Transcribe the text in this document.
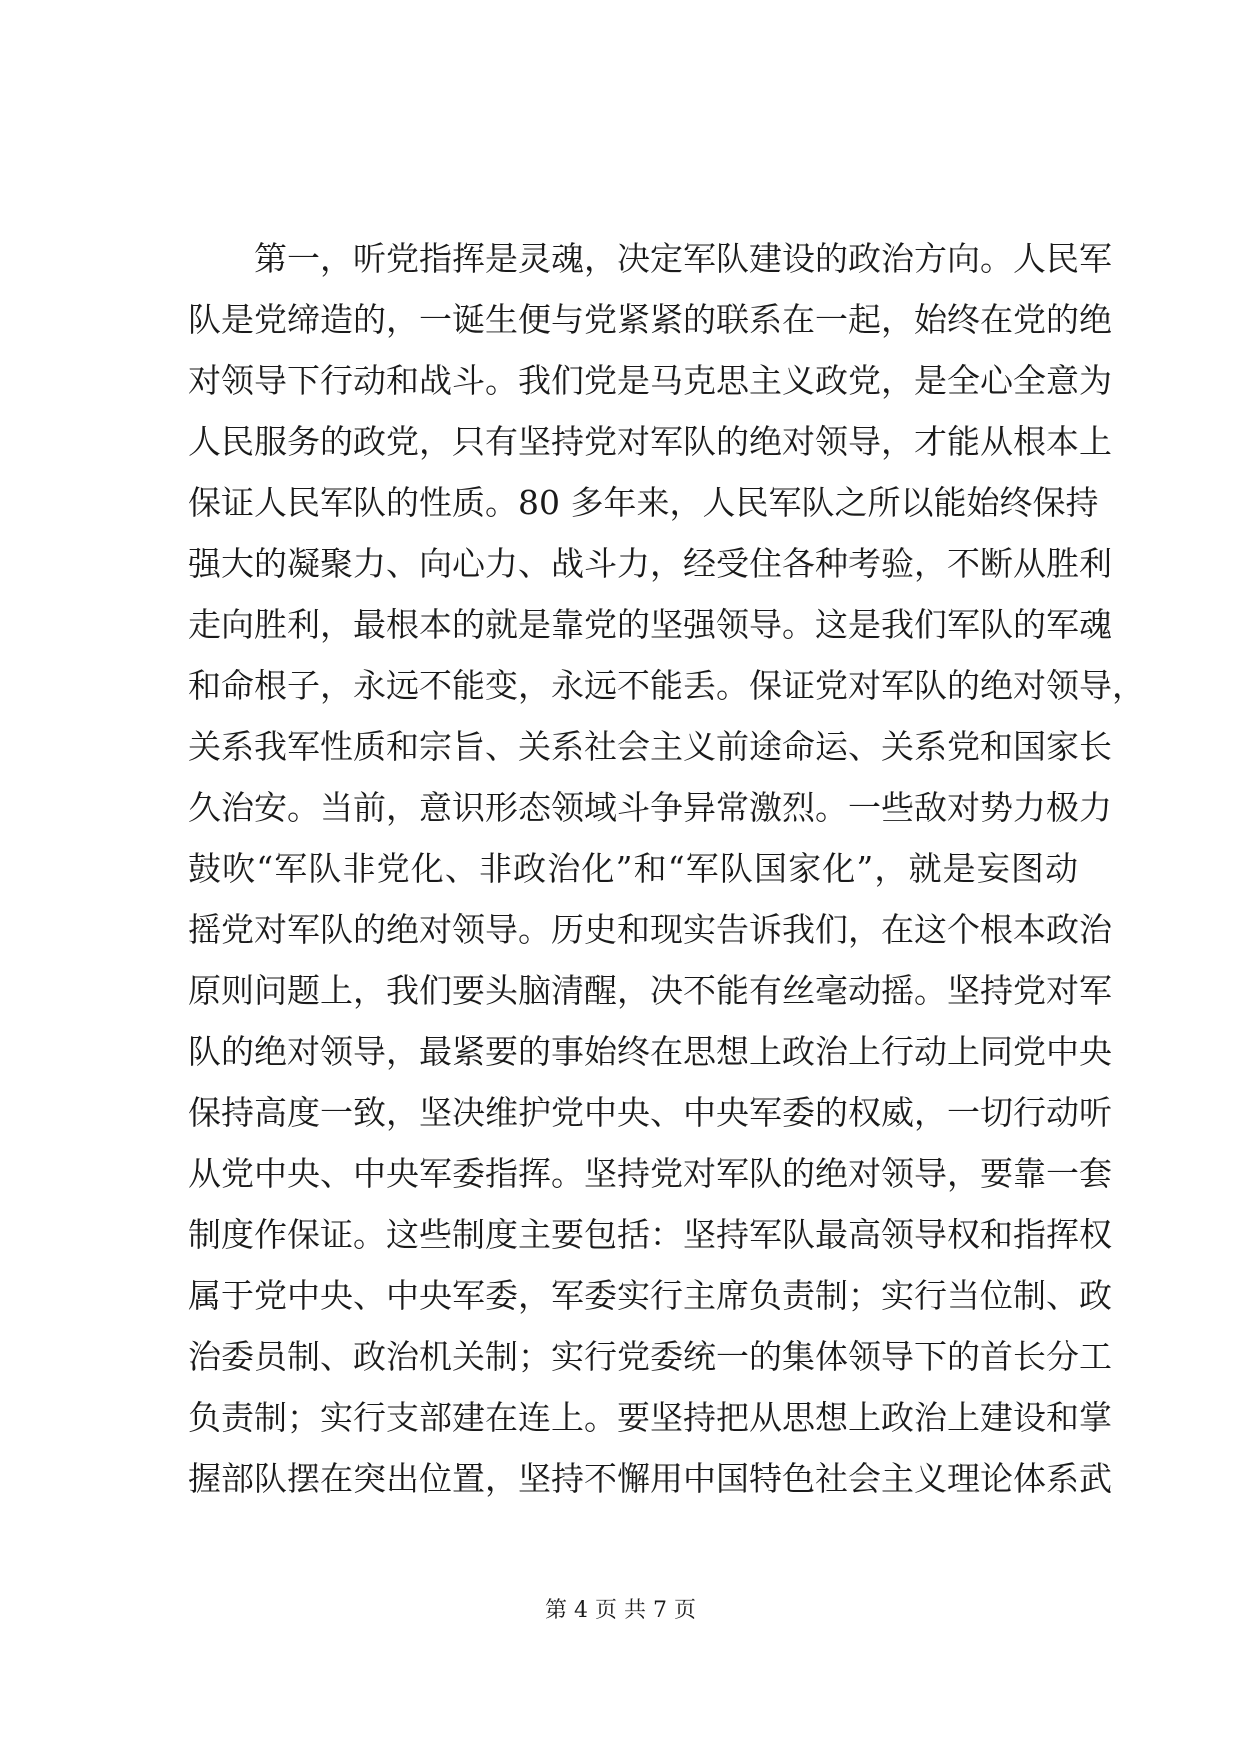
第一，听党指挥是灵魂，决定军队建设的政治方向。人民军
队是党缔造的，一诞生便与党紧紧的联系在一起，始终在党的绝
对领导下行动和战斗。我们党是马克思主义政党，是全心全意为
人民服务的政党，只有坚持党对军队的绝对领导，才能从根本上
保证人民军队的性质。80 多年来，人民军队之所以能始终保持
强大的凝聚力、向心力、战斗力，经受住各种考验，不断从胜利
走向胜利，最根本的就是靠党的坚强领导。这是我们军队的军魂
和命根子，永远不能变，永远不能丢。保证党对军队的绝对领导，
关系我军性质和宗旨、关系社会主义前途命运、关系党和国家长
久治安。当前，意识形态领域斗争异常激烈。一些敌对势力极力
鼓吹“军队非党化、非政治化”和“军队国家化”，就是妄图动
摇党对军队的绝对领导。历史和现实告诉我们，在这个根本政治
原则问题上，我们要头脑清醒，决不能有丝毫动摇。坚持党对军
队的绝对领导，最紧要的事始终在思想上政治上行动上同党中央
保持高度一致，坚决维护党中央、中央军委的权威，一切行动听
从党中央、中央军委指挥。坚持党对军队的绝对领导，要靠一套
制度作保证。这些制度主要包括：坚持军队最高领导权和指挥权
属于党中央、中央军委，军委实行主席负责制；实行当位制、政
治委员制、政治机关制；实行党委统一的集体领导下的首长分工
负责制；实行支部建在连上。要坚持把从思想上政治上建设和掌
握部队摆在突出位置，坚持不懈用中国特色社会主义理论体系武
第 4 页 共 7 页
